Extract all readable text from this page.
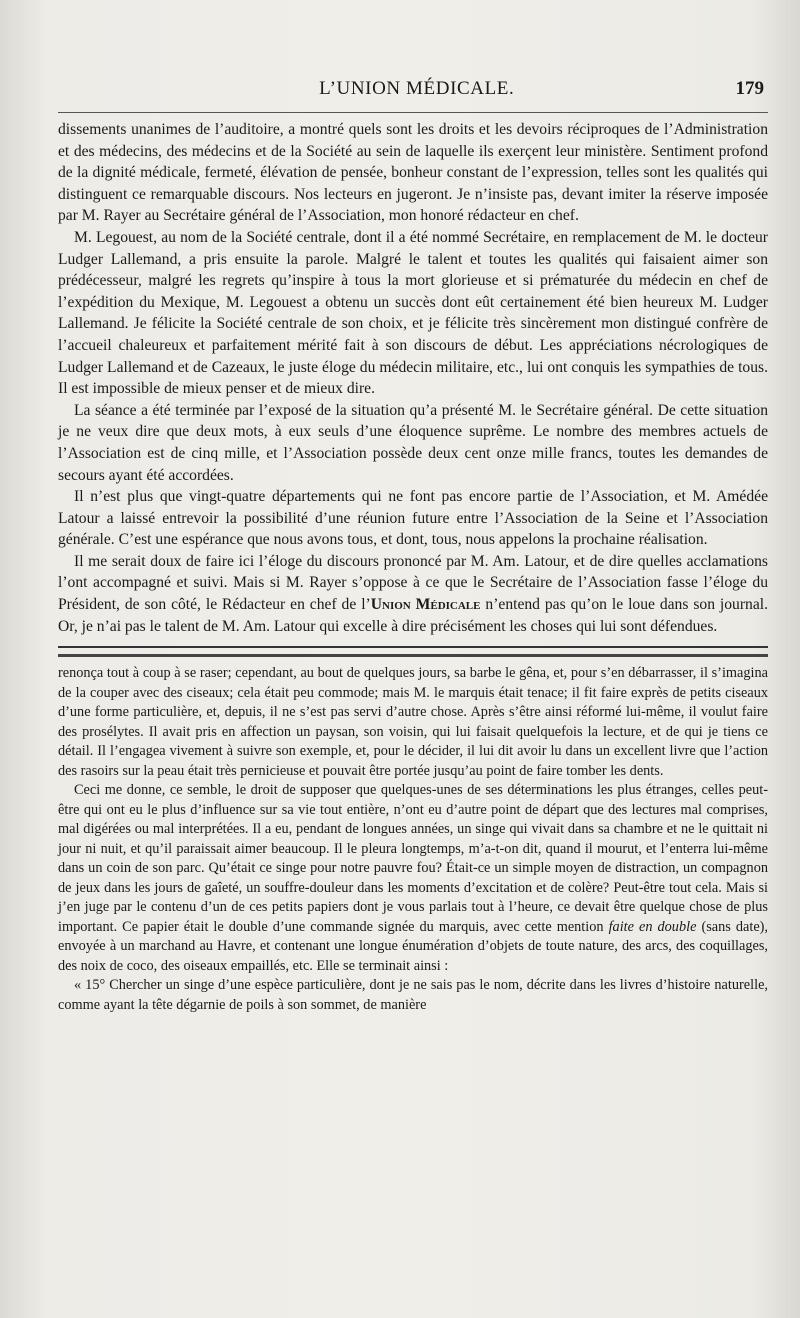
L’UNION MÉDICALE.	179

dissements unanimes de l’auditoire, a montré quels sont les droits et les devoirs réciproques de l’Administration et des médecins, des médecins et de la Société au sein de laquelle ils exerçent leur ministère. Sentiment profond de la dignité médicale, fermeté, élévation de pensée, bonheur constant de l’expression, telles sont les qualités qui distinguent ce remarquable discours. Nos lecteurs en jugeront. Je n’insiste pas, devant imiter la réserve imposée par M. Rayer au Secrétaire général de l’Association, mon honoré rédacteur en chef.

M. Legouest, au nom de la Société centrale, dont il a été nommé Secrétaire, en remplacement de M. le docteur Ludger Lallemand, a pris ensuite la parole. Malgré le talent et toutes les qualités qui faisaient aimer son prédécesseur, malgré les regrets qu’inspire à tous la mort glorieuse et si prématurée du médecin en chef de l’expédition du Mexique, M. Legouest a obtenu un succès dont eût certainement été bien heureux M. Ludger Lallemand. Je félicite la Société centrale de son choix, et je félicite très sincèrement mon distingué confrère de l’accueil chaleureux et parfaitement mérité fait à son discours de début. Les appréciations nécrologiques de Ludger Lallemand et de Cazeaux, le juste éloge du médecin militaire, etc., lui ont conquis les sympathies de tous. Il est impossible de mieux penser et de mieux dire.

La séance a été terminée par l’exposé de la situation qu’a présenté M. le Secrétaire général. De cette situation je ne veux dire que deux mots, à eux seuls d’une éloquence suprême. Le nombre des membres actuels de l’Association est de cinq mille, et l’Association possède deux cent onze mille francs, toutes les demandes de secours ayant été accordées.

Il n’est plus que vingt-quatre départements qui ne font pas encore partie de l’Association, et M. Amédée Latour a laissé entrevoir la possibilité d’une réunion future entre l’Association de la Seine et l’Association générale. C’est une espérance que nous avons tous, et dont, tous, nous appelons la prochaine réalisation.

Il me serait doux de faire ici l’éloge du discours prononcé par M. Am. Latour, et de dire quelles acclamations l’ont accompagné et suivi. Mais si M. Rayer s’oppose à ce que le Secrétaire de l’Association fasse l’éloge du Président, de son côté, le Rédacteur en chef de l’Union Médicale n’entend pas qu’on le loue dans son journal. Or, je n’ai pas le talent de M. Am. Latour qui excelle à dire précisément les choses qui lui sont défendues.

renonça tout à coup à se raser; cependant, au bout de quelques jours, sa barbe le gêna, et, pour s’en débarrasser, il s’imagina de la couper avec des ciseaux; cela était peu commode; mais M. le marquis était tenace; il fit faire exprès de petits ciseaux d’une forme particulière, et, depuis, il ne s’est pas servi d’autre chose. Après s’être ainsi réformé lui-même, il voulut faire des prosélytes. Il avait pris en affection un paysan, son voisin, qui lui faisait quelquefois la lecture, et de qui je tiens ce détail. Il l’engagea vivement à suivre son exemple, et, pour le décider, il lui dit avoir lu dans un excellent livre que l’action des rasoirs sur la peau était très pernicieuse et pouvait être portée jusqu’au point de faire tomber les dents.

Ceci me donne, ce semble, le droit de supposer que quelques-unes de ses déterminations les plus étranges, celles peut-être qui ont eu le plus d’influence sur sa vie tout entière, n’ont eu d’autre point de départ que des lectures mal comprises, mal digérées ou mal interprétées. Il a eu, pendant de longues années, un singe qui vivait dans sa chambre et ne le quittait ni jour ni nuit, et qu’il paraissait aimer beaucoup. Il le pleura longtemps, m’a-t-on dit, quand il mourut, et l’enterra lui-même dans un coin de son parc. Qu’était ce singe pour notre pauvre fou? Était-ce un simple moyen de distraction, un compagnon de jeux dans les jours de gaîeté, un souffre-douleur dans les moments d’excitation et de colère? Peut-être tout cela. Mais si j’en juge par le contenu d’un de ces petits papiers dont je vous parlais tout à l’heure, ce devait être quelque chose de plus important. Ce papier était le double d’une commande signée du marquis, avec cette mention faite en double (sans date), envoyée à un marchand au Havre, et contenant une longue énumération d’objets de toute nature, des arcs, des coquillages, des noix de coco, des oiseaux empaillés, etc. Elle se terminait ainsi :

« 15° Chercher un singe d’une espèce particulière, dont je ne sais pas le nom, décrite dans les livres d’histoire naturelle, comme ayant la tête dégarnie de poils à son sommet, de manière
